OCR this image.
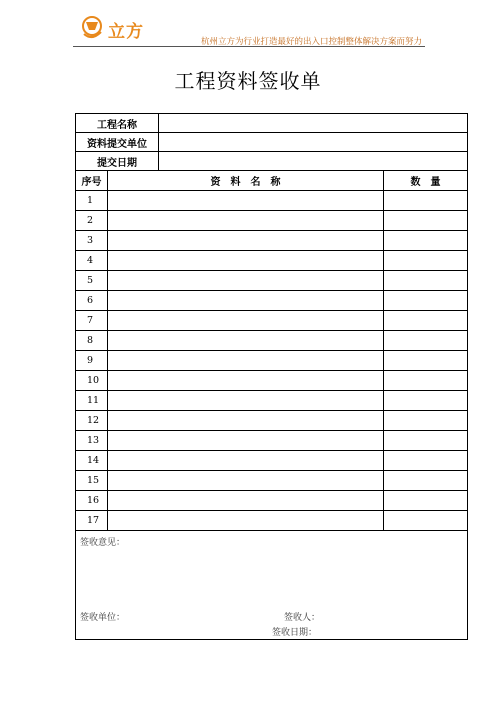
立方	杭州立方为行业打造最好的出入口控制整体解决方案而努力
工程资料签收单
工程名称			
资料提交单位			
提交日期			
序号	资　料　名　称		数　量
1			
2			
3			
4			
5			
6			
7			
8			
9			
10			
11			
12			
13			
14			
15			
16			
17			

签收意见：
签收单位： 签收人：
签收日期：			
